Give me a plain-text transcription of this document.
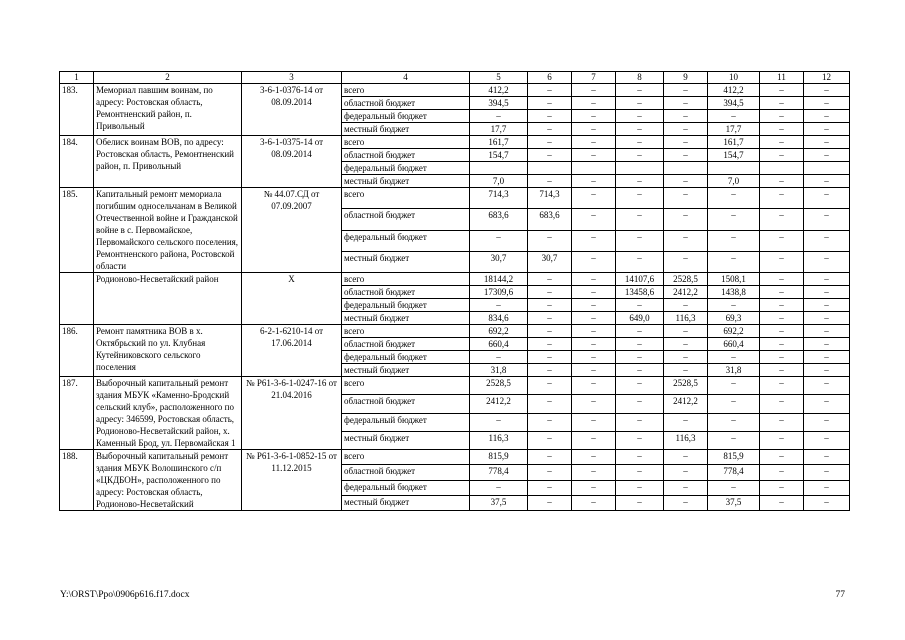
1	2	3	4	5	6	7	8	9	10	11	12
183.	Мемориал павшим воинам, по адресу: Ростовская область, Ремонтненский район, п. Привольный	3-6-1-0376-14 от 08.09.2014	всего	412,2	–	–	–	–	412,2	–	–
			областной бюджет	394,5	–	–	–	–	394,5	–	–
			федеральный бюджет	–	–	–	–	–	–	–	–
			местный бюджет	17,7	–	–	–	–	17,7	–	–
184.	Обелиск воинам ВОВ, по адресу: Ростовская область, Ремонтненский район, п. Привольный	3-6-1-0375-14 от 08.09.2014	всего	161,7	–	–	–	–	161,7	–	–
			областной бюджет	154,7	–	–	–	–	154,7	–	–
			федеральный бюджет								
			местный бюджет	7,0	–	–	–	–	7,0	–	–
185.	Капитальный ремонт мемориала погибшим односельчанам в Великой Отечественной войне и Гражданской войне в с. Первомайское, Первомайского сельского поселения, Ремонтненского района, Ростовской области	№ 44.07.СД от 07.09.2007	всего	714,3	714,3	–	–	–	–	–	–
			областной бюджет	683,6	683,6	–	–	–	–	–	–
			федеральный бюджет	–	–	–	–	–	–	–	–
			местный бюджет	30,7	30,7	–	–	–	–	–	–
	Родионово-Несветайский район	Х	всего	18144,2	–	–	14107,6	2528,5	1508,1	–	–
			областной бюджет	17309,6	–	–	13458,6	2412,2	1438,8	–	–
			федеральный бюджет	–	–	–	–	–	–	–	–
			местный бюджет	834,6	–	–	649,0	116,3	69,3	–	–
186.	Ремонт памятника ВОВ в х. Октябрьский по ул. Клубная Кутейниковского сельского поселения	6-2-1-6210-14 от 17.06.2014	всего	692,2	–	–	–	–	692,2	–	–
			областной бюджет	660,4	–	–	–	–	660,4	–	–
			федеральный бюджет	–	–	–	–	–	–	–	–
			местный бюджет	31,8	–	–	–	–	31,8	–	–
187.	Выборочный капитальный ремонт здания МБУК «Каменно-Бродский сельский клуб», расположенного по адресу: 346599, Ростовская область, Родионово-Несветайский район, х. Каменный Брод, ул. Первомайская 1	№ Р61-3-6-1-0247-16 от 21.04.2016	всего	2528,5	–	–	–	2528,5	–	–	–
			областной бюджет	2412,2	–	–	–	2412,2	–	–	–
			федеральный бюджет	–	–	–	–	–	–	–	–
			местный бюджет	116,3	–	–	–	116,3	–	–	–
188.	Выборочный капитальный ремонт здания МБУК Волошинского с/п «ЦКДБОН», расположенного по адресу: Ростовская область, Родионово-Несветайский	№ Р61-3-6-1-0852-15 от 11.12.2015	всего	815,9	–	–	–	–	815,9	–	–
			областной бюджет	778,4	–	–	–	–	778,4	–	–
			федеральный бюджет	–	–	–	–	–	–	–	–
			местный бюджет	37,5	–	–	–	–	37,5	–	–
Y:\ORST\Ppo\0906p616.f17.docx	77
